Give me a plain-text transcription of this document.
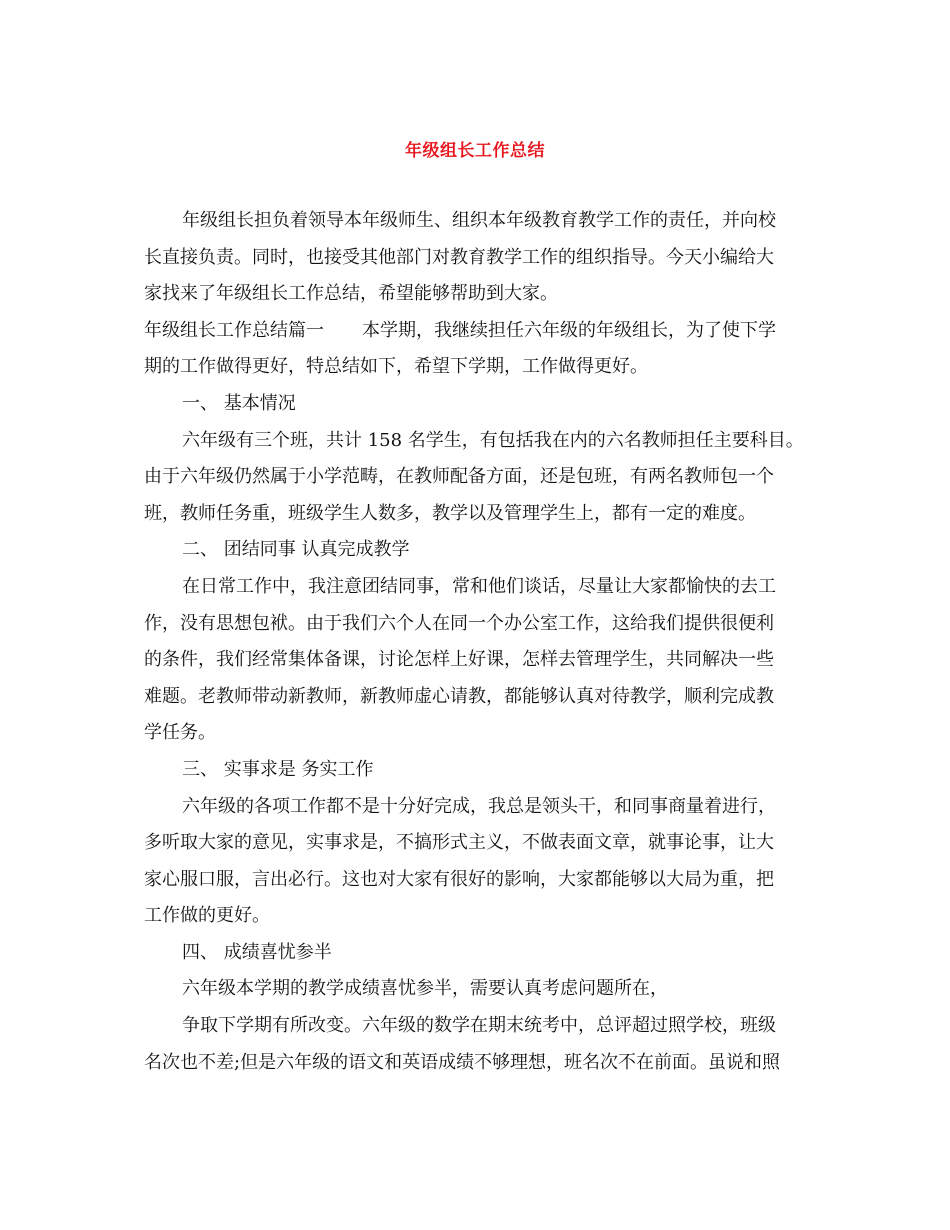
年级组长工作总结
年级组长担负着领导本年级师生、组织本年级教育教学工作的责任，并向校
长直接负责。同时，也接受其他部门对教育教学工作的组织指导。今天小编给大
家找来了年级组长工作总结，希望能够帮助到大家。
年级组长工作总结篇一 本学期，我继续担任六年级的年级组长，为了使下学
期的工作做得更好，特总结如下，希望下学期，工作做得更好。
一、 基本情况
六年级有三个班，共计 158 名学生，有包括我在内的六名教师担任主要科目。
由于六年级仍然属于小学范畴，在教师配备方面，还是包班，有两名教师包一个
班，教师任务重，班级学生人数多，教学以及管理学生上，都有一定的难度。
二、 团结同事 认真完成教学
在日常工作中，我注意团结同事，常和他们谈话，尽量让大家都愉快的去工
作，没有思想包袱。由于我们六个人在同一个办公室工作，这给我们提供很便利
的条件，我们经常集体备课，讨论怎样上好课，怎样去管理学生，共同解决一些
难题。老教师带动新教师，新教师虚心请教，都能够认真对待教学，顺利完成教
学任务。
三、 实事求是 务实工作
六年级的各项工作都不是十分好完成，我总是领头干，和同事商量着进行，
多听取大家的意见，实事求是，不搞形式主义，不做表面文章，就事论事，让大
家心服口服，言出必行。这也对大家有很好的影响，大家都能够以大局为重，把
工作做的更好。
四、 成绩喜忧参半
六年级本学期的教学成绩喜忧参半，需要认真考虑问题所在，
争取下学期有所改变。六年级的数学在期末统考中，总评超过照学校，班级
名次也不差;但是六年级的语文和英语成绩不够理想，班名次不在前面。虽说和照
